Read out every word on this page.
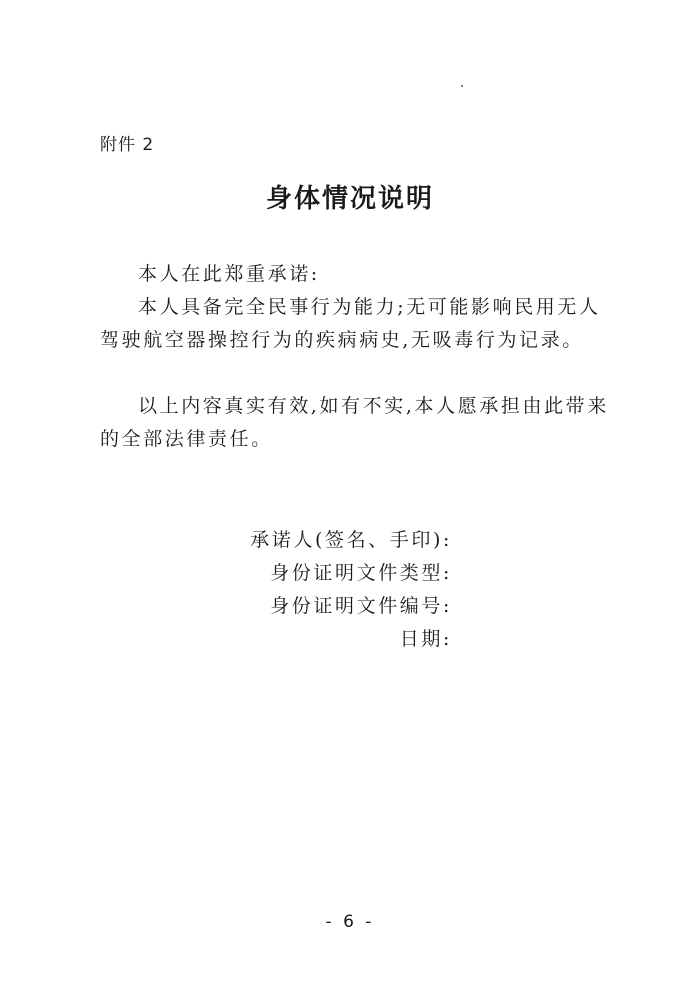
附件 2
身体情况说明

本人在此郑重承诺:

本人具备完全民事行为能力;无可能影响民用无人驾驶航空器操控行为的疾病病史,无吸毒行为记录。

以上内容真实有效,如有不实,本人愿承担由此带来的全部法律责任。

承诺人(签名、手印):
身份证明文件类型:
身份证明文件编号:
日期:
- 6 -
